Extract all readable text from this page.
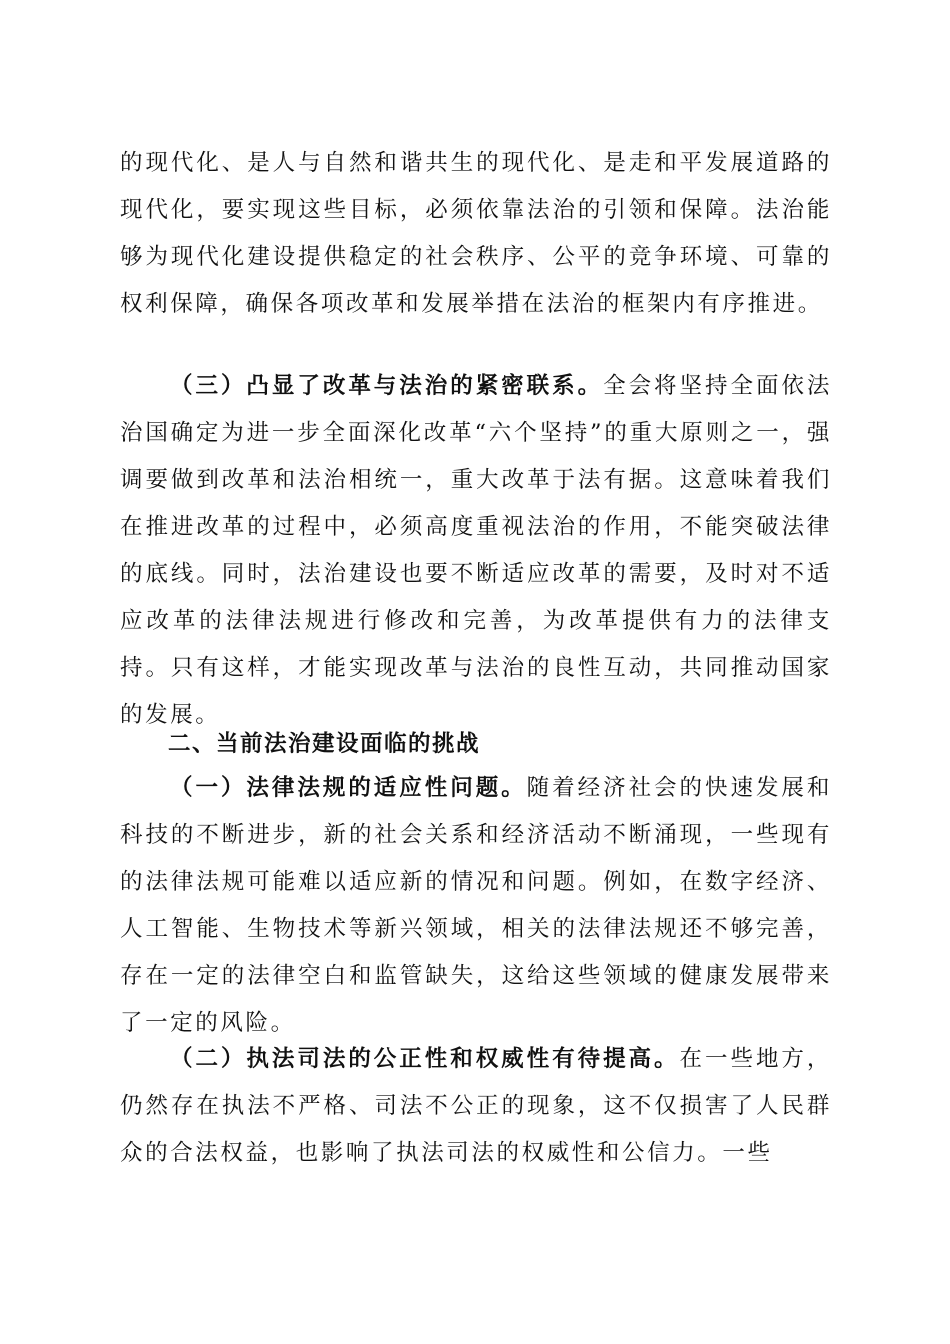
的现代化、是人与自然和谐共生的现代化、是走和平发展道路的现代化，要实现这些目标，必须依靠法治的引领和保障。法治能够为现代化建设提供稳定的社会秩序、公平的竞争环境、可靠的权利保障，确保各项改革和发展举措在法治的框架内有序推进。

（三）凸显了改革与法治的紧密联系。全会将坚持全面依法治国确定为进一步全面深化改革“六个坚持”的重大原则之一，强调要做到改革和法治相统一，重大改革于法有据。这意味着我们在推进改革的过程中，必须高度重视法治的作用，不能突破法律的底线。同时，法治建设也要不断适应改革的需要，及时对不适应改革的法律法规进行修改和完善，为改革提供有力的法律支持。只有这样，才能实现改革与法治的良性互动，共同推动国家的发展。

二、当前法治建设面临的挑战

（一）法律法规的适应性问题。随着经济社会的快速发展和科技的不断进步，新的社会关系和经济活动不断涌现，一些现有的法律法规可能难以适应新的情况和问题。例如，在数字经济、人工智能、生物技术等新兴领域，相关的法律法规还不够完善，存在一定的法律空白和监管缺失，这给这些领域的健康发展带来了一定的风险。

（二）执法司法的公正性和权威性有待提高。在一些地方，仍然存在执法不严格、司法不公正的现象，这不仅损害了人民群众的合法权益，也影响了执法司法的权威性和公信力。一些
